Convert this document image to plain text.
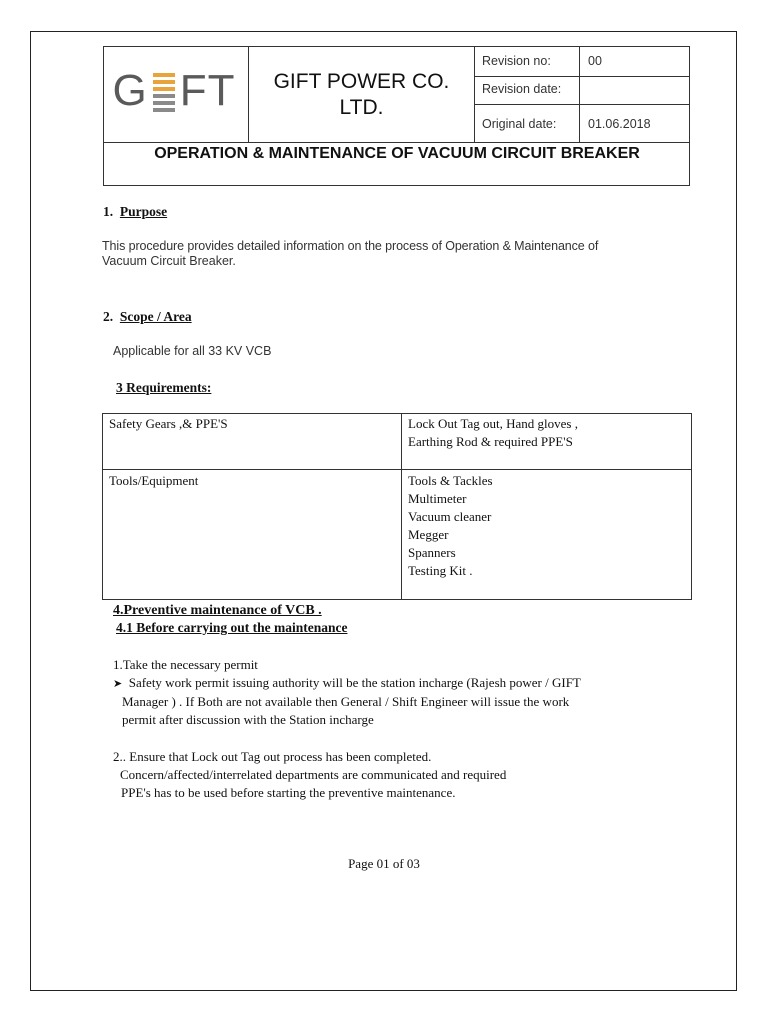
G FT	GIFT POWER CO. LTD.
Revision no:	00
Revision date:
Original date:	01.06.2018
OPERATION & MAINTENANCE OF VACUUM CIRCUIT BREAKER
1. Purpose
This procedure provides detailed information on the process of Operation & Maintenance of
Vacuum Circuit Breaker.
2. Scope / Area
Applicable for all 33 KV VCB
3 Requirements:
Safety Gears ,& PPE'S	Lock Out Tag out, Hand gloves ,
Earthing Rod & required PPE'S
Tools/Equipment	Tools & Tackles
Multimeter
Vacuum cleaner
Megger
Spanners
Testing Kit .
4.Preventive maintenance of VCB .
4.1 Before carrying out the maintenance
1.Take the necessary permit
➤ Safety work permit issuing authority will be the station incharge (Rajesh power / GIFT
Manager ) . If Both are not available then General / Shift Engineer will issue the work
permit after discussion with the Station incharge
2.. Ensure that Lock out Tag out process has been completed.
Concern/affected/interrelated departments are communicated and required
PPE's has to be used before starting the preventive maintenance.
Page 01 of 03
